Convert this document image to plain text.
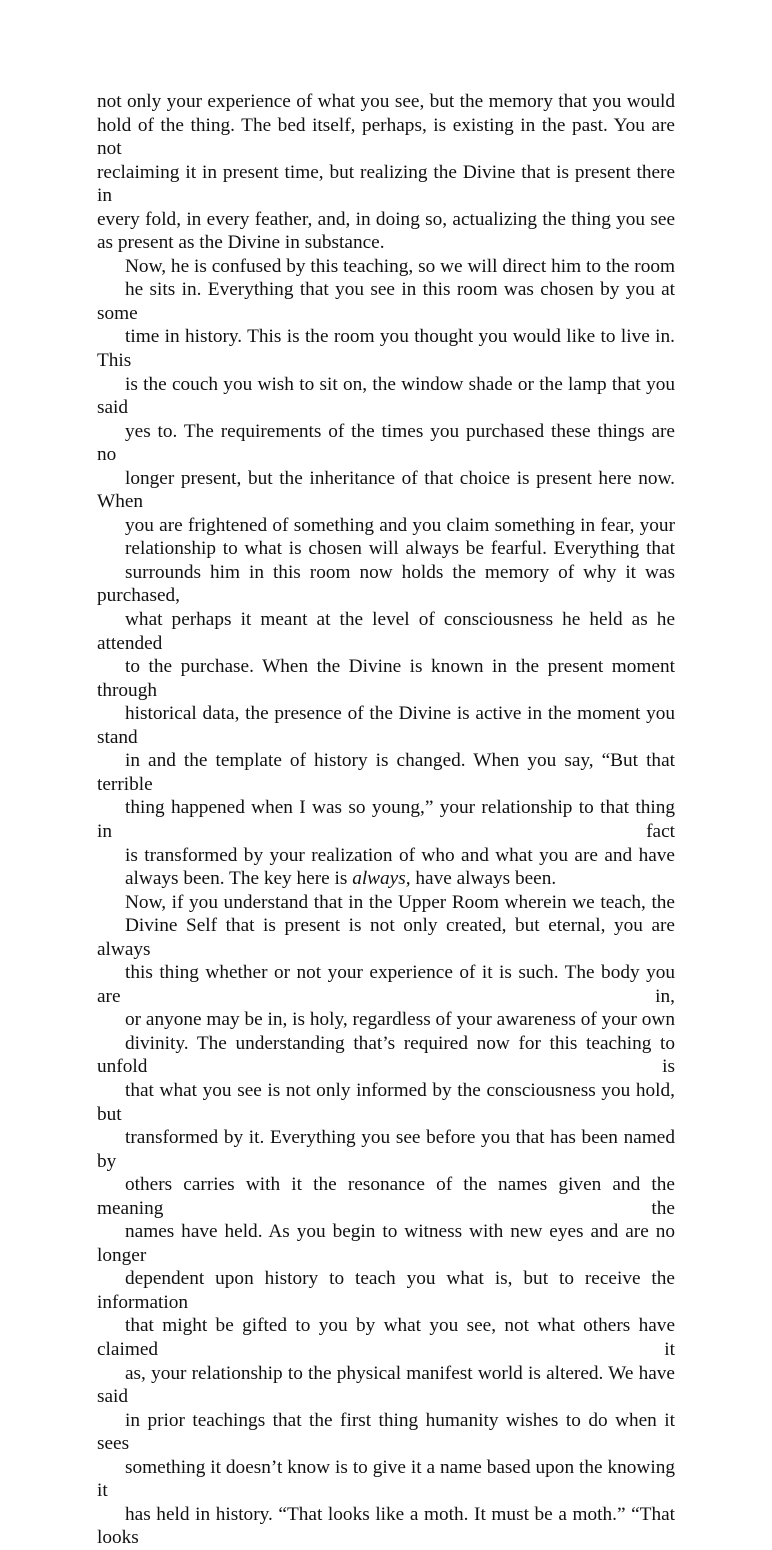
not only your experience of what you see, but the memory that you would
hold of the thing. The bed itself, perhaps, is existing in the past. You are not
reclaiming it in present time, but realizing the Divine that is present there in
every fold, in every feather, and, in doing so, actualizing the thing you see
as present as the Divine in substance.
Now, he is confused by this teaching, so we will direct him to the room
he sits in. Everything that you see in this room was chosen by you at some
time in history. This is the room you thought you would like to live in. This
is the couch you wish to sit on, the window shade or the lamp that you said
yes to. The requirements of the times you purchased these things are no
longer present, but the inheritance of that choice is present here now. When
you are frightened of something and you claim something in fear, your
relationship to what is chosen will always be fearful. Everything that
surrounds him in this room now holds the memory of why it was purchased,
what perhaps it meant at the level of consciousness he held as he attended
to the purchase. When the Divine is known in the present moment through
historical data, the presence of the Divine is active in the moment you stand
in and the template of history is changed. When you say, “But that terrible
thing happened when I was so young,” your relationship to that thing in fact
is transformed by your realization of who and what you are and have
always been. The key here is always, have always been.
Now, if you understand that in the Upper Room wherein we teach, the
Divine Self that is present is not only created, but eternal, you are always
this thing whether or not your experience of it is such. The body you are in,
or anyone may be in, is holy, regardless of your awareness of your own
divinity. The understanding that’s required now for this teaching to unfold is
that what you see is not only informed by the consciousness you hold, but
transformed by it. Everything you see before you that has been named by
others carries with it the resonance of the names given and the meaning the
names have held. As you begin to witness with new eyes and are no longer
dependent upon history to teach you what is, but to receive the information
that might be gifted to you by what you see, not what others have claimed it
as, your relationship to the physical manifest world is altered. We have said
in prior teachings that the first thing humanity wishes to do when it sees
something it doesn’t know is to give it a name based upon the knowing it
has held in history. “That looks like a moth. It must be a moth.” “That looks
